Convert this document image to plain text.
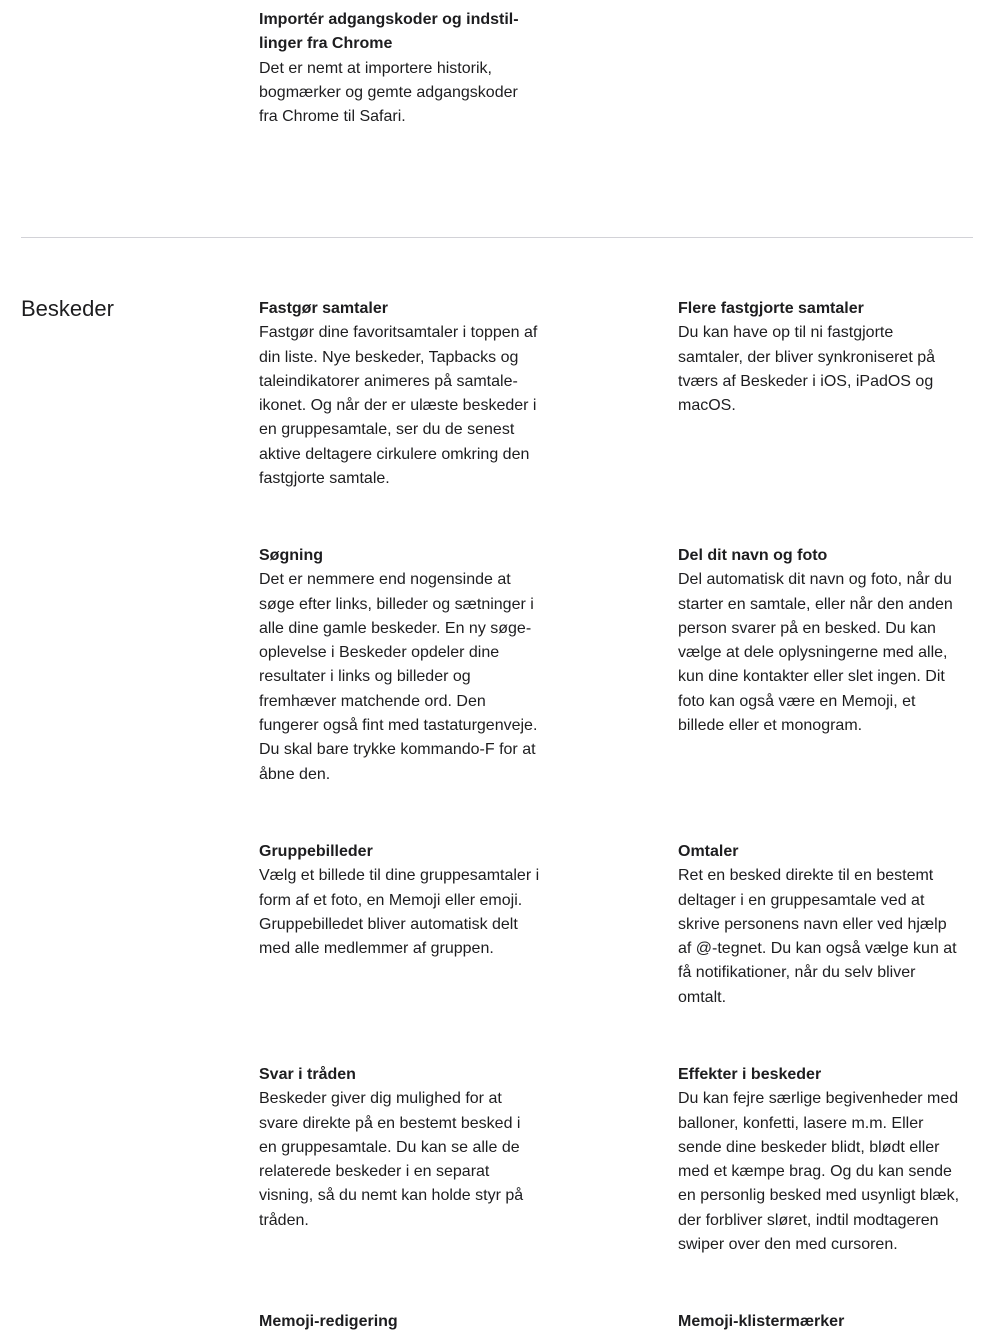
Importér adgangskoder og indstil-
linger fra Chrome

Det er nemt at importere historik,
bogmærker og gemte adgangskoder
fra Chrome til Safari.

Beskeder	Fastgør samtaler

Fastgør dine favoritsamtaler i toppen af
din liste. Nye beskeder, Tapbacks og
taleindikatorer animeres på samtale-
ikonet. Og når der er ulæste beskeder i
en gruppesamtale, ser du de senest
aktive deltagere cirkulere omkring den
fastgjorte samtale.

Flere fastgjorte samtaler

Du kan have op til ni fastgjorte
samtaler, der bliver synkroniseret på
tværs af Beskeder i iOS, iPadOS og
macOS.

Søgning

Det er nemmere end nogensinde at
søge efter links, billeder og sætninger i
alle dine gamle beskeder. En ny søge-
oplevelse i Beskeder opdeler dine
resultater i links og billeder og
fremhæver matchende ord. Den
fungerer også fint med tastaturgenveje.
Du skal bare trykke kommando-F for at
åbne den.

Del dit navn og foto

Del automatisk dit navn og foto, når du
starter en samtale, eller når den anden
person svarer på en besked. Du kan
vælge at dele oplysningerne med alle,
kun dine kontakter eller slet ingen. Dit
foto kan også være en Memoji, et
billede eller et monogram.

Gruppebilleder

Vælg et billede til dine gruppesamtaler i
form af et foto, en Memoji eller emoji.
Gruppebilledet bliver automatisk delt
med alle medlemmer af gruppen.

Omtaler

Ret en besked direkte til en bestemt
deltager i en gruppesamtale ved at
skrive personens navn eller ved hjælp
af @-tegnet. Du kan også vælge kun at
få notifikationer, når du selv bliver
omtalt.

Svar i tråden

Beskeder giver dig mulighed for at
svare direkte på en bestemt besked i
en gruppesamtale. Du kan se alle de
relaterede beskeder i en separat
visning, så du nemt kan holde styr på
tråden.

Effekter i beskeder

Du kan fejre særlige begivenheder med
balloner, konfetti, lasere m.m. Eller
sende dine beskeder blidt, blødt eller
med et kæmpe brag. Og du kan sende
en personlig besked med usynligt blæk,
der forbliver sløret, indtil modtageren
swiper over den med cursoren.

Memoji-redigering	Memoji-klistermærker
